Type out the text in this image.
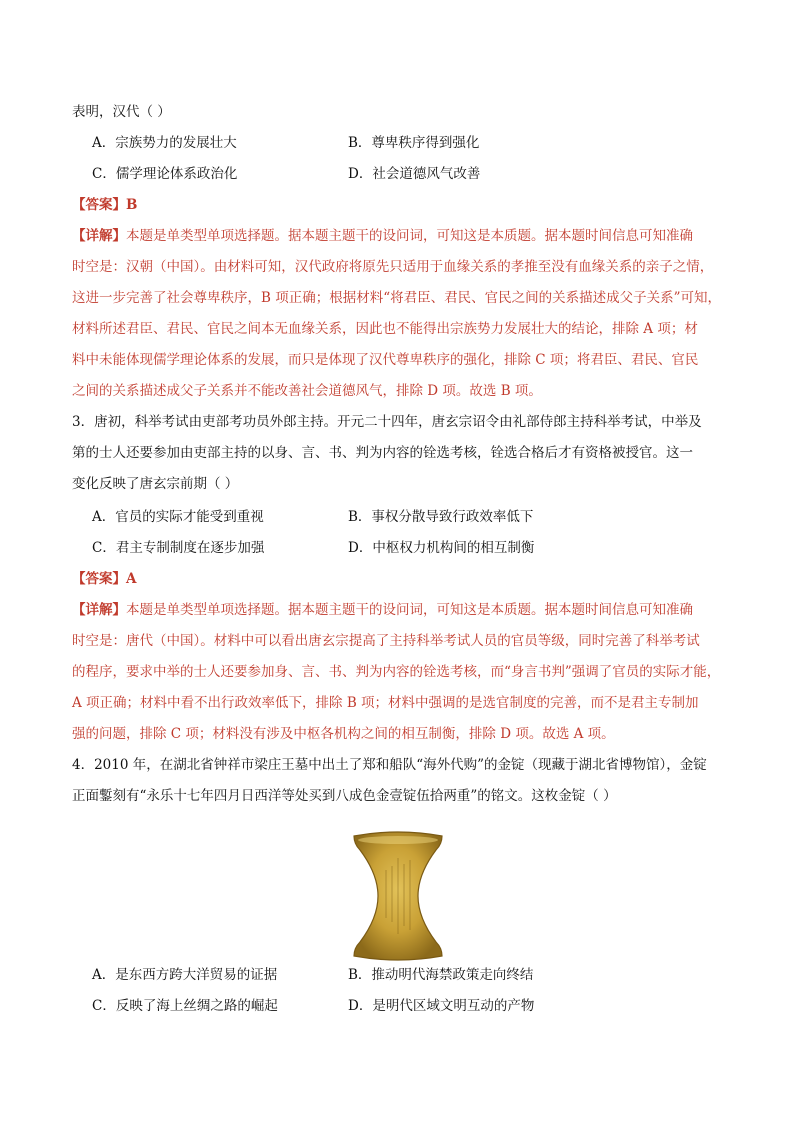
表明，汉代（ ）
A．宗族势力的发展壮大	B．尊卑秩序得到强化
C．儒学理论体系政治化	D．社会道德风气改善
【答案】B
【详解】本题是单类型单项选择题。据本题主题干的设问词，可知这是本质题。据本题时间信息可知准确
时空是：汉朝（中国）。由材料可知，汉代政府将原先只适用于血缘关系的孝推至没有血缘关系的亲子之情，
这进一步完善了社会尊卑秩序，B 项正确；根据材料“将君臣、君民、官民之间的关系描述成父子关系”可知，
材料所述君臣、君民、官民之间本无血缘关系，因此也不能得出宗族势力发展壮大的结论，排除 A 项；材
料中未能体现儒学理论体系的发展，而只是体现了汉代尊卑秩序的强化，排除 C 项；将君臣、君民、官民
之间的关系描述成父子关系并不能改善社会道德风气，排除 D 项。故选 B 项。
3．唐初，科举考试由吏部考功员外郎主持。开元二十四年，唐玄宗诏令由礼部侍郎主持科举考试，中举及
第的士人还要参加由吏部主持的以身、言、书、判为内容的铨选考核，铨选合格后才有资格被授官。这一
变化反映了唐玄宗前期（ ）
A．官员的实际才能受到重视	B．事权分散导致行政效率低下
C．君主专制制度在逐步加强	D．中枢权力机构间的相互制衡
【答案】A
【详解】本题是单类型单项选择题。据本题主题干的设问词，可知这是本质题。据本题时间信息可知准确
时空是：唐代（中国）。材料中可以看出唐玄宗提高了主持科举考试人员的官员等级，同时完善了科举考试
的程序，要求中举的士人还要参加身、言、书、判为内容的铨选考核，而“身言书判”强调了官员的实际才能，
A 项正确；材料中看不出行政效率低下，排除 B 项；材料中强调的是选官制度的完善，而不是君主专制加
强的问题，排除 C 项；材料没有涉及中枢各机构之间的相互制衡，排除 D 项。故选 A 项。
4．2010 年，在湖北省钟祥市梁庄王墓中出土了郑和船队“海外代购”的金锭（现藏于湖北省博物馆），金锭
正面鏨刻有“永乐十七年四月日西洋等处买到八成色金壹锭伍拾两重”的铭文。这枚金锭（ ）
A．是东西方跨大洋贸易的证据	B．推动明代海禁政策走向终结
C．反映了海上丝绸之路的崛起	D．是明代区域文明互动的产物
